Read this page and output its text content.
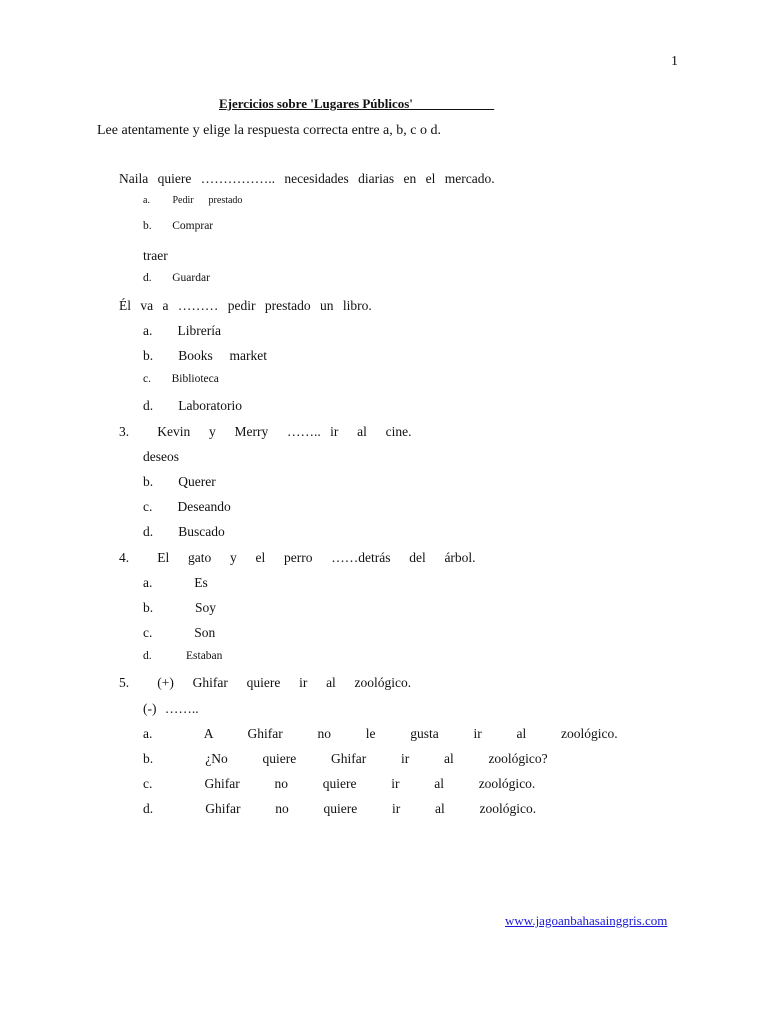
1
Ejercicios sobre 'Lugares Públicos'
Lee atentamente y elige la respuesta correcta entre a, b, c o d.
Naila quiere …………….. necesidades diarias en el mercado.
a.   Pedir  prestado
b.   Comprar
traer
d.   Guardar
Él va a ……… pedir prestado un libro.
a.   Librería
b.   Books  market
c.   Biblioteca
d.   Laboratorio
3.   Kevin  y  Merry  …….. ir  al  cine.
deseos
b.   Querer
c.   Deseando
d.   Buscado
4.   El  gato  y  el  perro  ……detrás  del  árbol.
a.     Es
b.     Soy
c.     Son
d.     Estaban
5.   (+)  Ghifar  quiere  ir  al  zoológico.
(-) ……..
a.   A  Ghifar  no  le  gusta  ir  al  zoológico.
b.   ¿No  quiere  Ghifar  ir  al  zoológico?
c.   Ghifar  no  quiere  ir  al  zoológico.
d.   Ghifar  no  quiere  ir  al  zoológico.
www.jagoanbahasainggris.com
